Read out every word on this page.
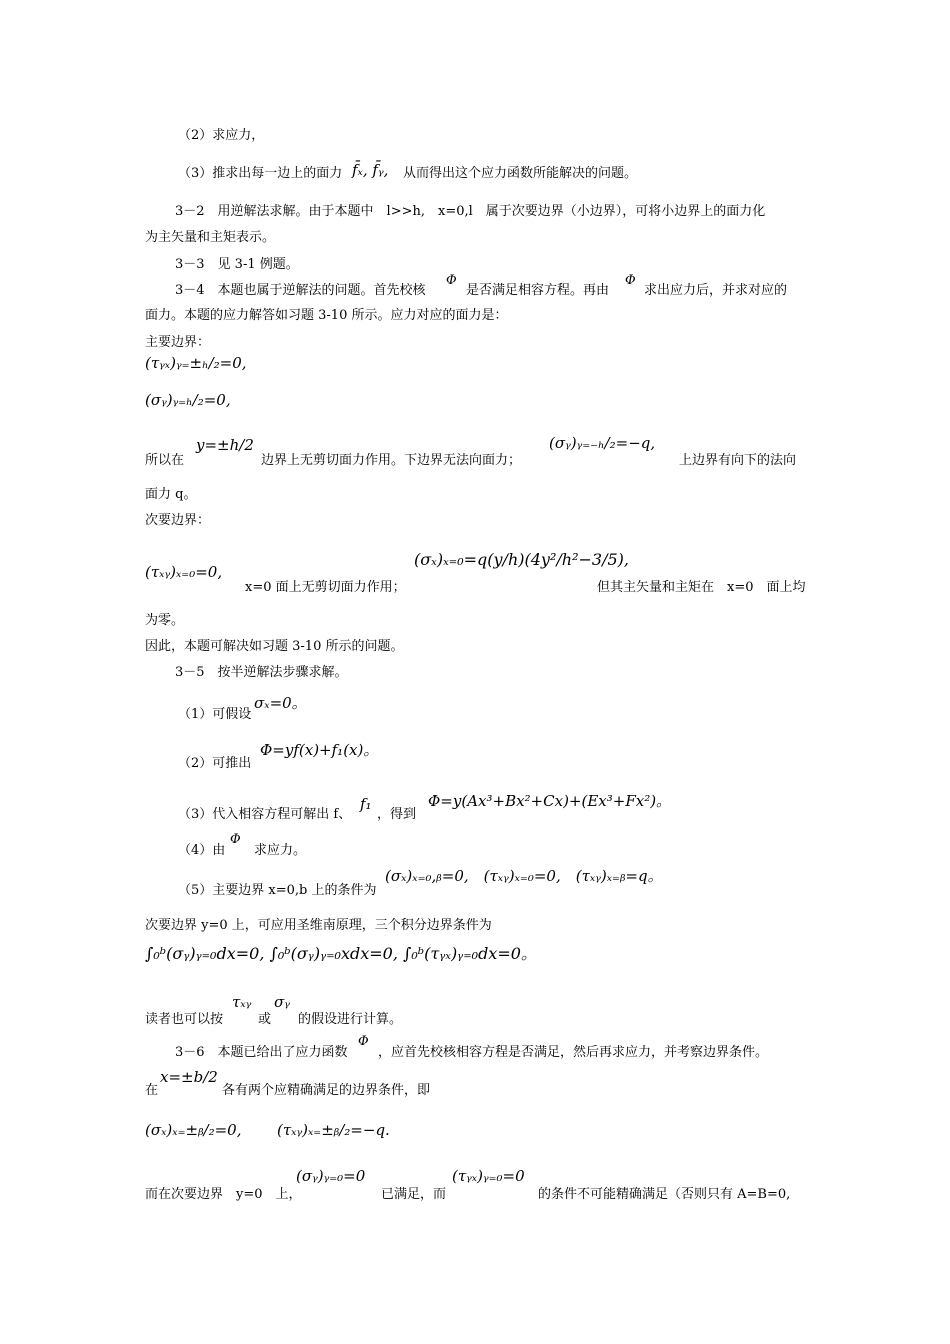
（2）求应力，
（3）推求出每一边上的面力 f̄ₓ, f̄ᵧ, 从而得出这个应力函数所能解决的问题。
3－2　用逆解法求解。由于本题中　l>>h,　x=0,l　属于次要边界（小边界），可将小边界上的面力化
为主矢量和主矩表示。
3－3　见 3-1 例题。
3－4　本题也属于逆解法的问题。首先校核
Φ
是否满足相容方程。再由
Φ
求出应力后，并求对应的
面力。本题的应力解答如习题 3-10 所示。应力对应的面力是：
主要边界：
(τᵧₓ)ᵧ₌±ₕ/₂=0,
(σᵧ)ᵧ₌ₕ/₂=0,
所以在
y=±h/2
边界上无剪切面力作用。下边界无法向面力；
(σᵧ)ᵧ₌₋ₕ/₂=−q,
上边界有向下的法向
面力 q。
次要边界：
(τₓᵧ)ₓ₌₀=0,
x=0 面上无剪切面力作用；
(σₓ)ₓ₌₀=q(y/h)(4y²/h²−3/5),
但其主矢量和主矩在　x=0　面上均
为零。
因此，本题可解决如习题 3-10 所示的问题。
3－5　按半逆解法步骤求解。
（1）可假设
σₓ=0。
（2）可推出
Φ=yf(x)+f₁(x)。
（3）代入相容方程可解出 f、
f₁
，得到
Φ=y(Ax³+Bx²+Cx)+(Ex³+Fx²)。
（4）由
Φ
求应力。
（5）主要边界 x=0,b 上的条件为
(σₓ)ₓ₌₀,ᵦ=0,　(τₓᵧ)ₓ₌₀=0,　(τₓᵧ)ₓ₌ᵦ=q。
次要边界 y=0 上，可应用圣维南原理，三个积分边界条件为
∫₀ᵇ(σᵧ)ᵧ₌₀dx=0, ∫₀ᵇ(σᵧ)ᵧ₌₀xdx=0, ∫₀ᵇ(τᵧₓ)ᵧ₌₀dx=0。
读者也可以按
τₓᵧ
或
σᵧ
的假设进行计算。
3－6　本题已给出了应力函数
Φ
，应首先校核相容方程是否满足，然后再求应力，并考察边界条件。
在
x=±b/2
各有两个应精确满足的边界条件，即
(σₓ)ₓ₌±ᵦ/₂=0, (τₓᵧ)ₓ₌±ᵦ/₂=−q.
而在次要边界　y=0　上，
(σᵧ)ᵧ₌₀=0
已满足，而
(τᵧₓ)ᵧ₌₀=0
的条件不可能精确满足（否则只有 A=B=0,
